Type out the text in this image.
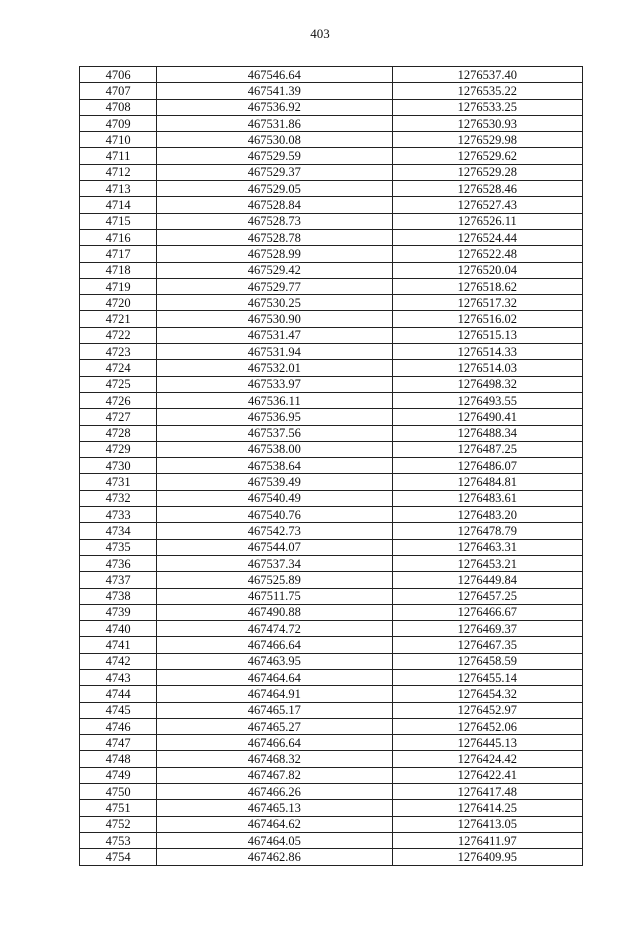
403
4706	467546.64	1276537.40
4707	467541.39	1276535.22
4708	467536.92	1276533.25
4709	467531.86	1276530.93
4710	467530.08	1276529.98
4711	467529.59	1276529.62
4712	467529.37	1276529.28
4713	467529.05	1276528.46
4714	467528.84	1276527.43
4715	467528.73	1276526.11
4716	467528.78	1276524.44
4717	467528.99	1276522.48
4718	467529.42	1276520.04
4719	467529.77	1276518.62
4720	467530.25	1276517.32
4721	467530.90	1276516.02
4722	467531.47	1276515.13
4723	467531.94	1276514.33
4724	467532.01	1276514.03
4725	467533.97	1276498.32
4726	467536.11	1276493.55
4727	467536.95	1276490.41
4728	467537.56	1276488.34
4729	467538.00	1276487.25
4730	467538.64	1276486.07
4731	467539.49	1276484.81
4732	467540.49	1276483.61
4733	467540.76	1276483.20
4734	467542.73	1276478.79
4735	467544.07	1276463.31
4736	467537.34	1276453.21
4737	467525.89	1276449.84
4738	467511.75	1276457.25
4739	467490.88	1276466.67
4740	467474.72	1276469.37
4741	467466.64	1276467.35
4742	467463.95	1276458.59
4743	467464.64	1276455.14
4744	467464.91	1276454.32
4745	467465.17	1276452.97
4746	467465.27	1276452.06
4747	467466.64	1276445.13
4748	467468.32	1276424.42
4749	467467.82	1276422.41
4750	467466.26	1276417.48
4751	467465.13	1276414.25
4752	467464.62	1276413.05
4753	467464.05	1276411.97
4754	467462.86	1276409.95
